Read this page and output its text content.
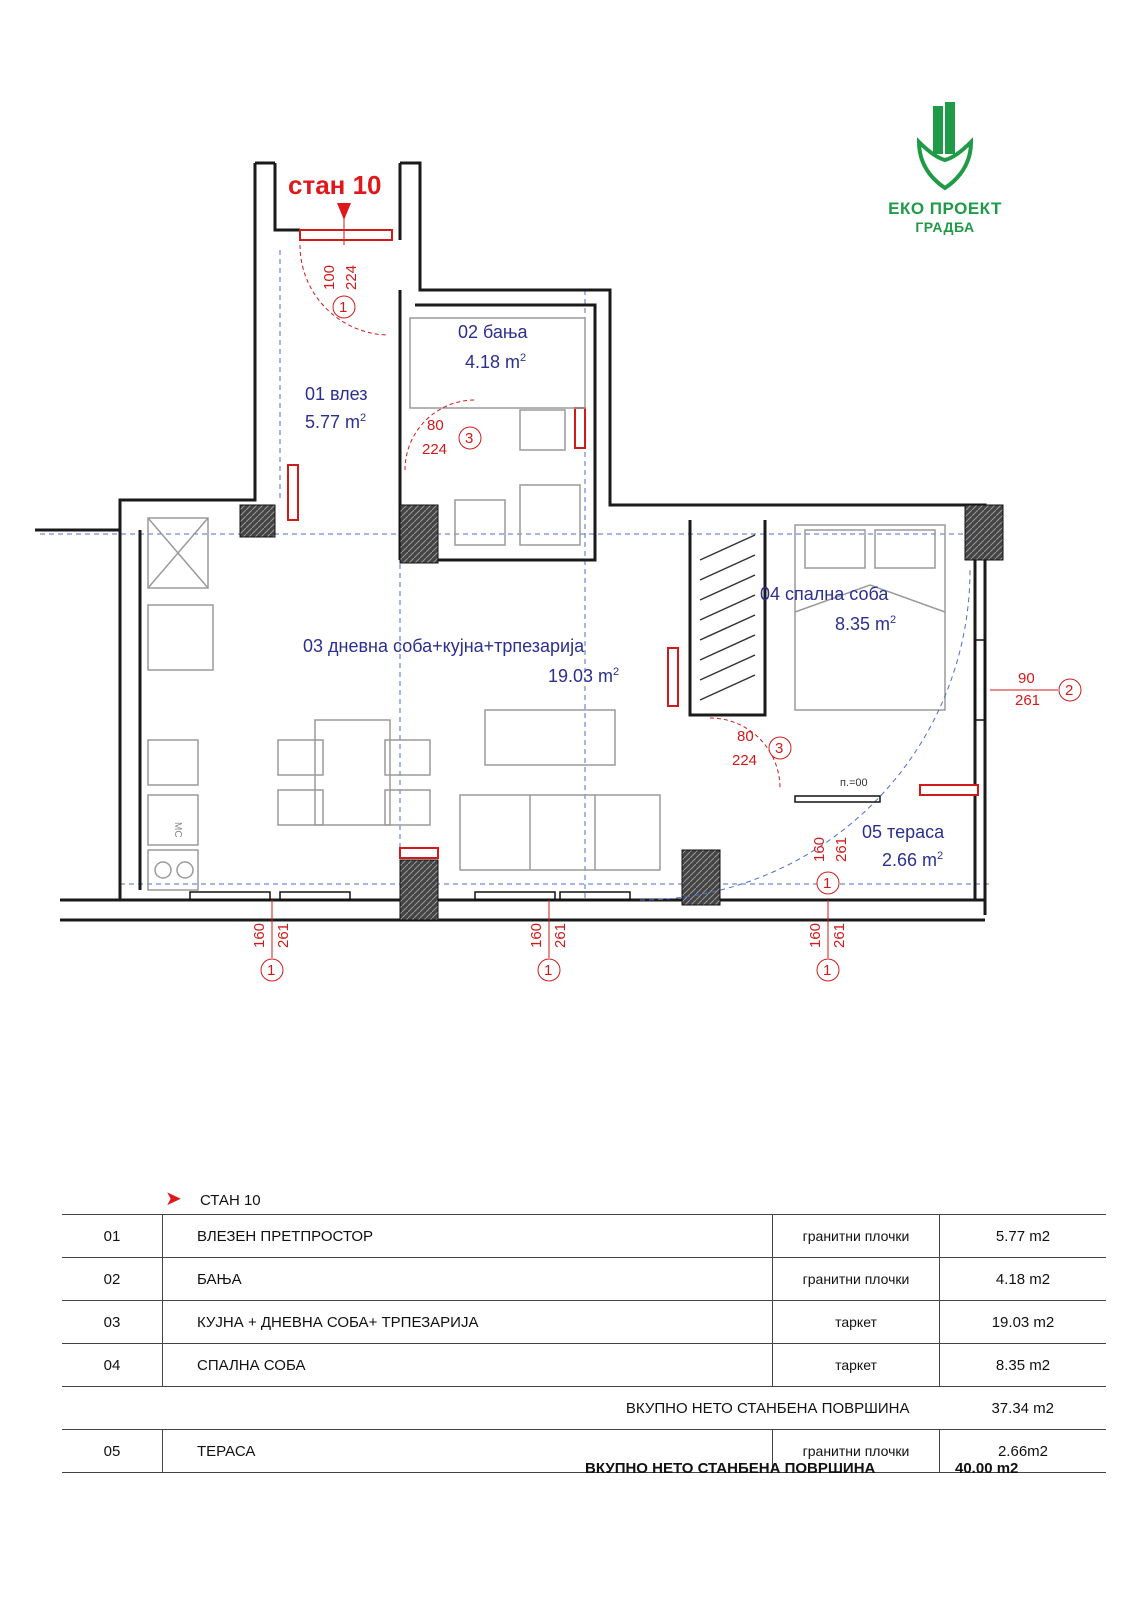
01 влез
5.77 $m^2$
02 бања
4.18 $m^2$
03 дневна соба+кујна+трпезарија
19.03 $m^2$
04 спална соба
8.35 $m^2$
05 тераса
2.66 $m^2$
MC
п.=00
100 224
1
80
224
3
80
224
3
90
261
2
160 261
1
160 261
1
160 261
1
160 261
1
стан 10
ЕКО ПРОЕКТ
ГРАДБА
➤ СТАН 10
01	ВЛЕЗЕН ПРЕТПРОСТОР	гранитни плочки	5.77 m2
02	БАЊА	гранитни плочки	4.18 m2
03	КУЈНА + ДНЕВНА СОБА+ ТРПЕЗАРИЈА	таркет	19.03 m2
04	СПАЛНА СОБА	таркет	8.35 m2
ВКУПНО НЕТО СТАНБЕНА ПОВРШИНА			37.34 m2
05	ТЕРАСА	гранитни плочки	2.66m2
ВКУПНО НЕТО СТАНБЕНА ПОВРШИНА	40.00 m2
